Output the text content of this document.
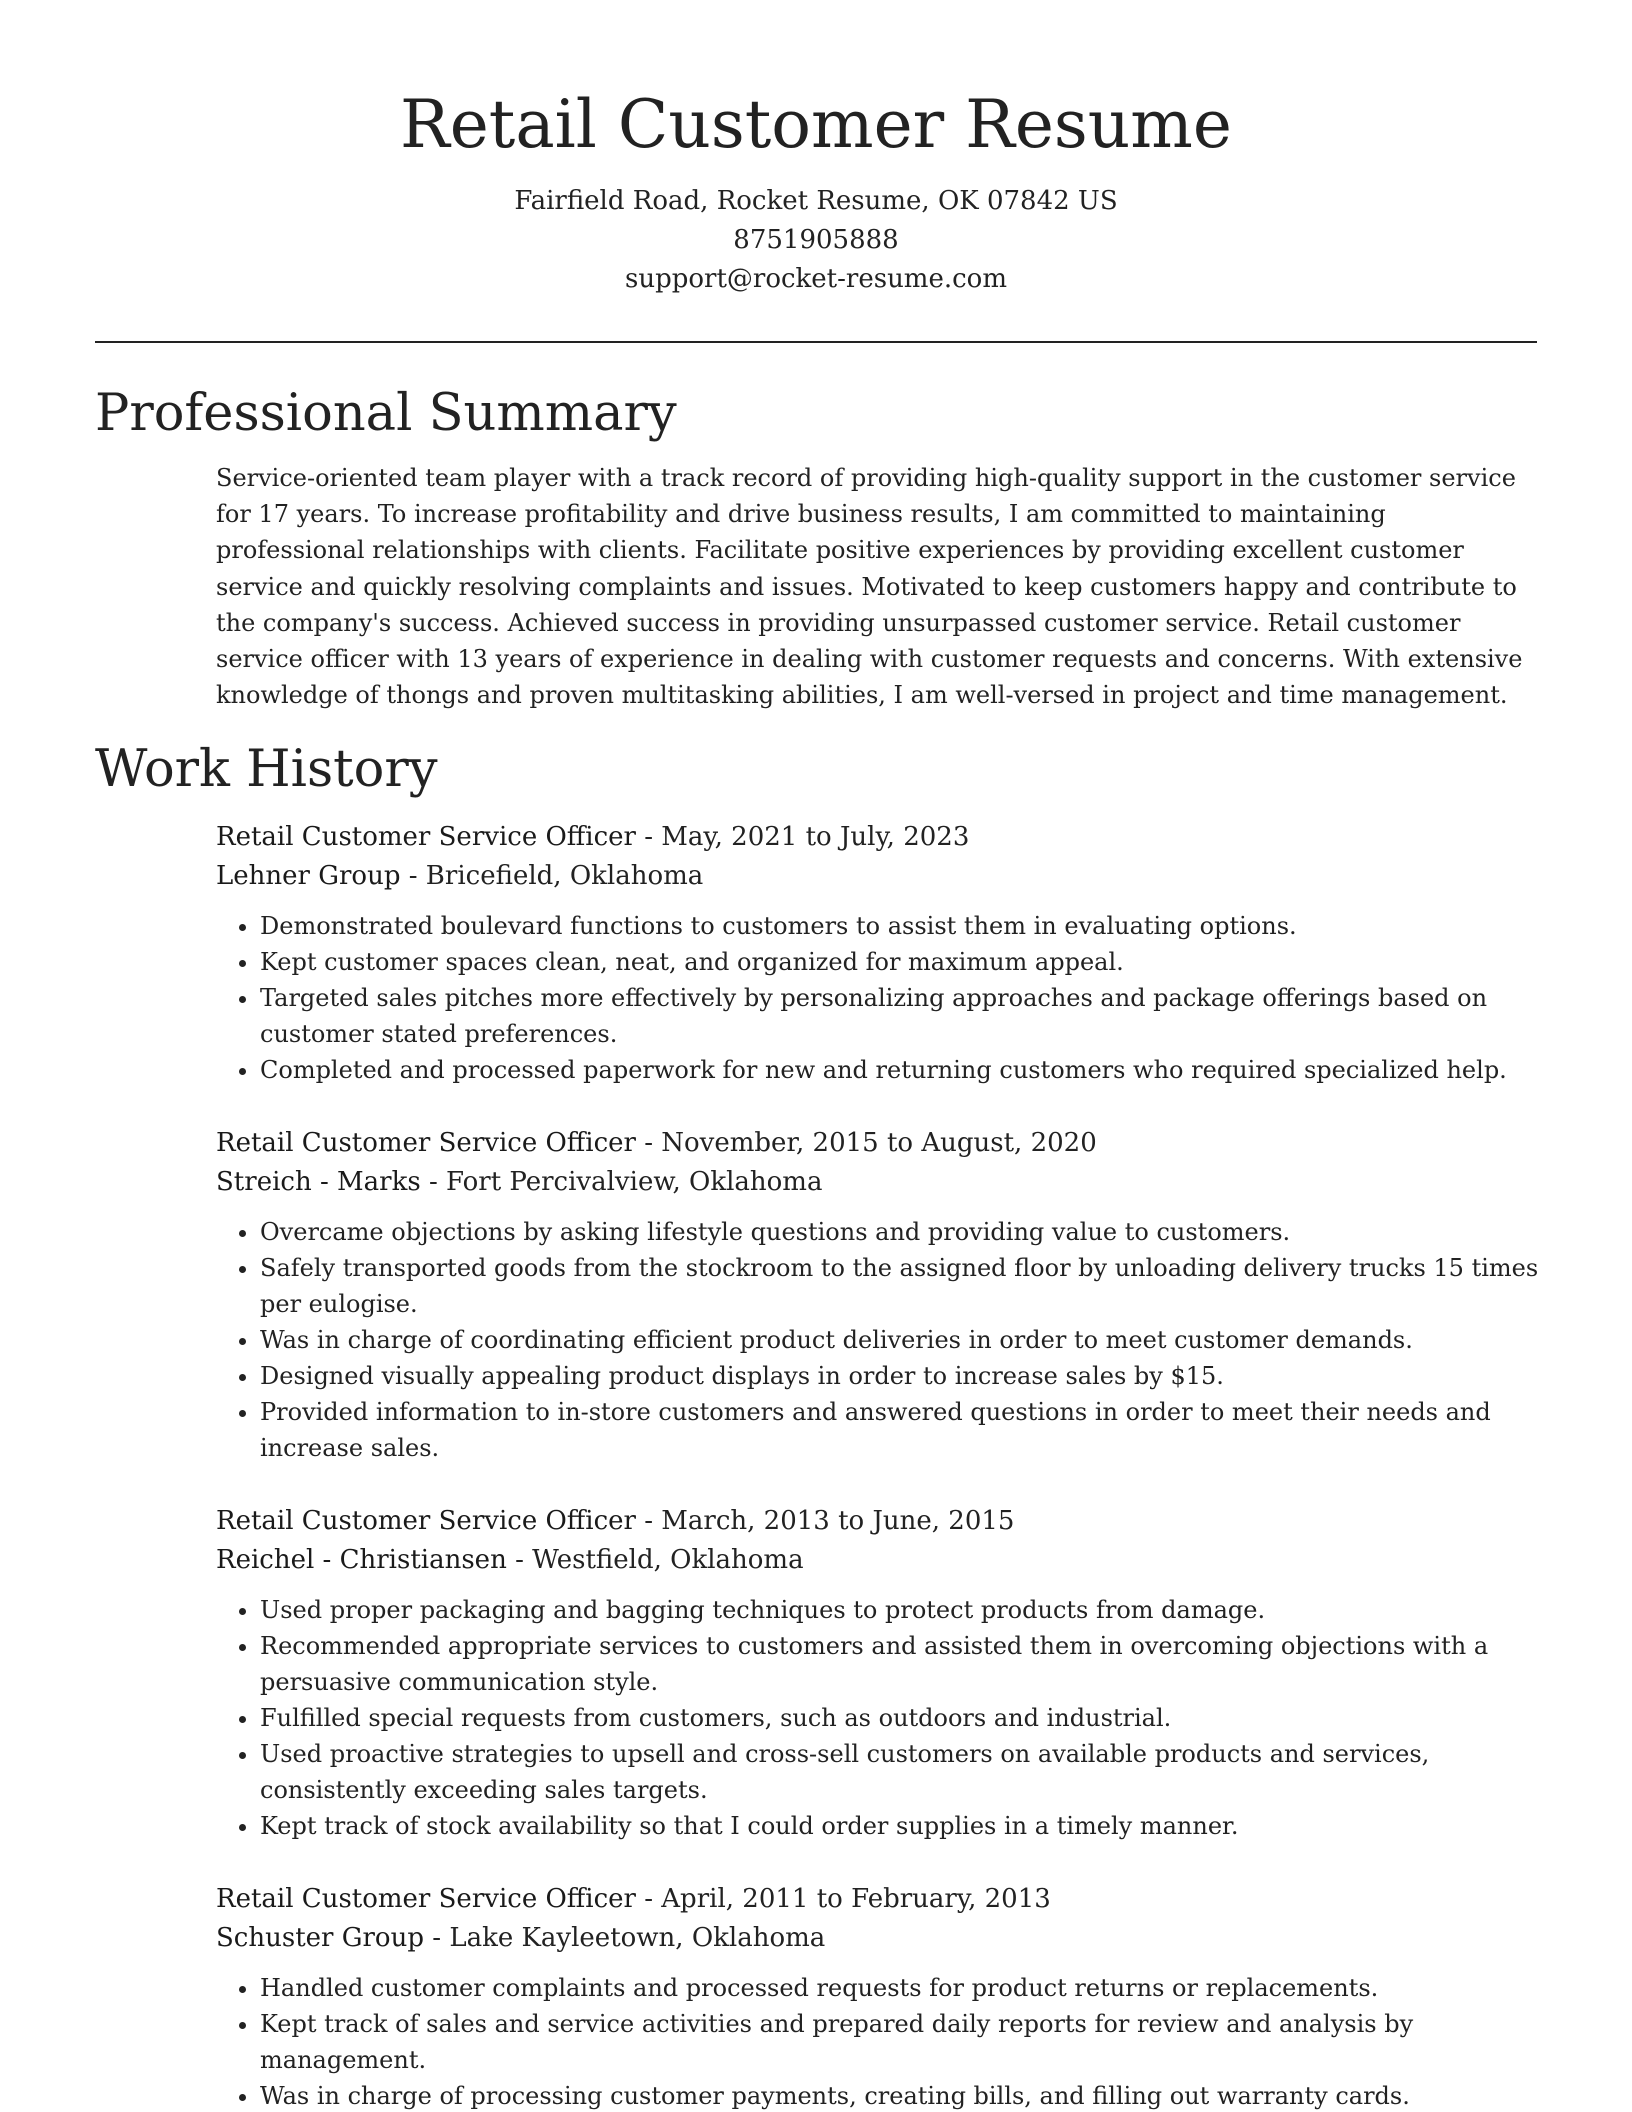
Retail Customer Resume
Fairfield Road, Rocket Resume, OK 07842 US
8751905888
support@rocket-resume.com
Professional Summary

Service-oriented team player with a track record of providing high-quality support in the customer service for 17 years. To increase profitability and drive business results, I am committed to maintaining professional relationships with clients. Facilitate positive experiences by providing excellent customer service and quickly resolving complaints and issues. Motivated to keep customers happy and contribute to the company's success. Achieved success in providing unsurpassed customer service. Retail customer service officer with 13 years of experience in dealing with customer requests and concerns. With extensive knowledge of thongs and proven multitasking abilities, I am well-versed in project and time management.

Work History
Retail Customer Service Officer - May, 2021 to July, 2023
Lehner Group - Bricefield, Oklahoma
• Demonstrated boulevard functions to customers to assist them in evaluating options.
• Kept customer spaces clean, neat, and organized for maximum appeal.
• Targeted sales pitches more effectively by personalizing approaches and package offerings based on customer stated preferences.
• Completed and processed paperwork for new and returning customers who required specialized help.
Retail Customer Service Officer - November, 2015 to August, 2020
Streich - Marks - Fort Percivalview, Oklahoma
• Overcame objections by asking lifestyle questions and providing value to customers.
• Safely transported goods from the stockroom to the assigned floor by unloading delivery trucks 15 times per eulogise.
• Was in charge of coordinating efficient product deliveries in order to meet customer demands.
• Designed visually appealing product displays in order to increase sales by $15.
• Provided information to in-store customers and answered questions in order to meet their needs and increase sales.
Retail Customer Service Officer - March, 2013 to June, 2015
Reichel - Christiansen - Westfield, Oklahoma
• Used proper packaging and bagging techniques to protect products from damage.
• Recommended appropriate services to customers and assisted them in overcoming objections with a persuasive communication style.
• Fulfilled special requests from customers, such as outdoors and industrial.
• Used proactive strategies to upsell and cross-sell customers on available products and services, consistently exceeding sales targets.
• Kept track of stock availability so that I could order supplies in a timely manner.
Retail Customer Service Officer - April, 2011 to February, 2013
Schuster Group - Lake Kayleetown, Oklahoma
• Handled customer complaints and processed requests for product returns or replacements.
• Kept track of sales and service activities and prepared daily reports for review and analysis by management.
• Was in charge of processing customer payments, creating bills, and filling out warranty cards.
